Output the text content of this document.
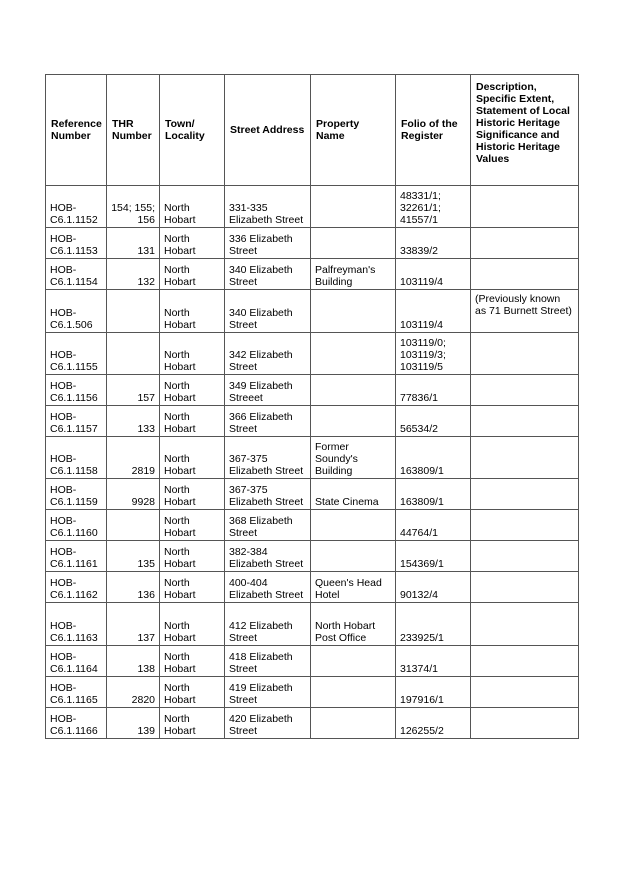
Reference Number	THR Number	Town/ Locality	Street Address	Property Name	Folio of the Register	Description, Specific Extent, Statement of Local Historic Heritage Significance and Historic Heritage Values

HOB-C6.1.1152	154; 155; 156	North Hobart	331-335 Elizabeth Street		48331/1;
32261/1;
41557/1	

HOB-C6.1.1153	131	North Hobart	336 Elizabeth Street		33839/2	

HOB-C6.1.1154	132	North Hobart	340 Elizabeth Street	Palfreyman's Building	103119/4	

HOB-C6.1.506		North Hobart	340 Elizabeth Street		103119/4	(Previously known as 71 Burnett Street)

HOB-C6.1.1155		North Hobart	342 Elizabeth Street		103119/0;
103119/3;
103119/5	

HOB-C6.1.1156	157	North Hobart	349 Elizabeth Streeet		77836/1	

HOB-C6.1.1157	133	North Hobart	366 Elizabeth Street		56534/2	

HOB-C6.1.1158	2819	North Hobart	367-375 Elizabeth Street	Former Soundy's Building	163809/1	

HOB-C6.1.1159	9928	North Hobart	367-375 Elizabeth Street	State Cinema	163809/1	

HOB-C6.1.1160		North Hobart	368 Elizabeth Street		44764/1	

HOB-C6.1.1161	135	North Hobart	382-384 Elizabeth Street		154369/1	

HOB-C6.1.1162	136	North Hobart	400-404 Elizabeth Street	Queen's Head Hotel	90132/4	

HOB-C6.1.1163	137	North Hobart	412 Elizabeth Street	North Hobart Post Office	233925/1	

HOB-C6.1.1164	138	North Hobart	418 Elizabeth Street		31374/1	

HOB-C6.1.1165	2820	North Hobart	419 Elizabeth Street		197916/1	

HOB-C6.1.1166	139	North Hobart	420 Elizabeth Street		126255/2	
